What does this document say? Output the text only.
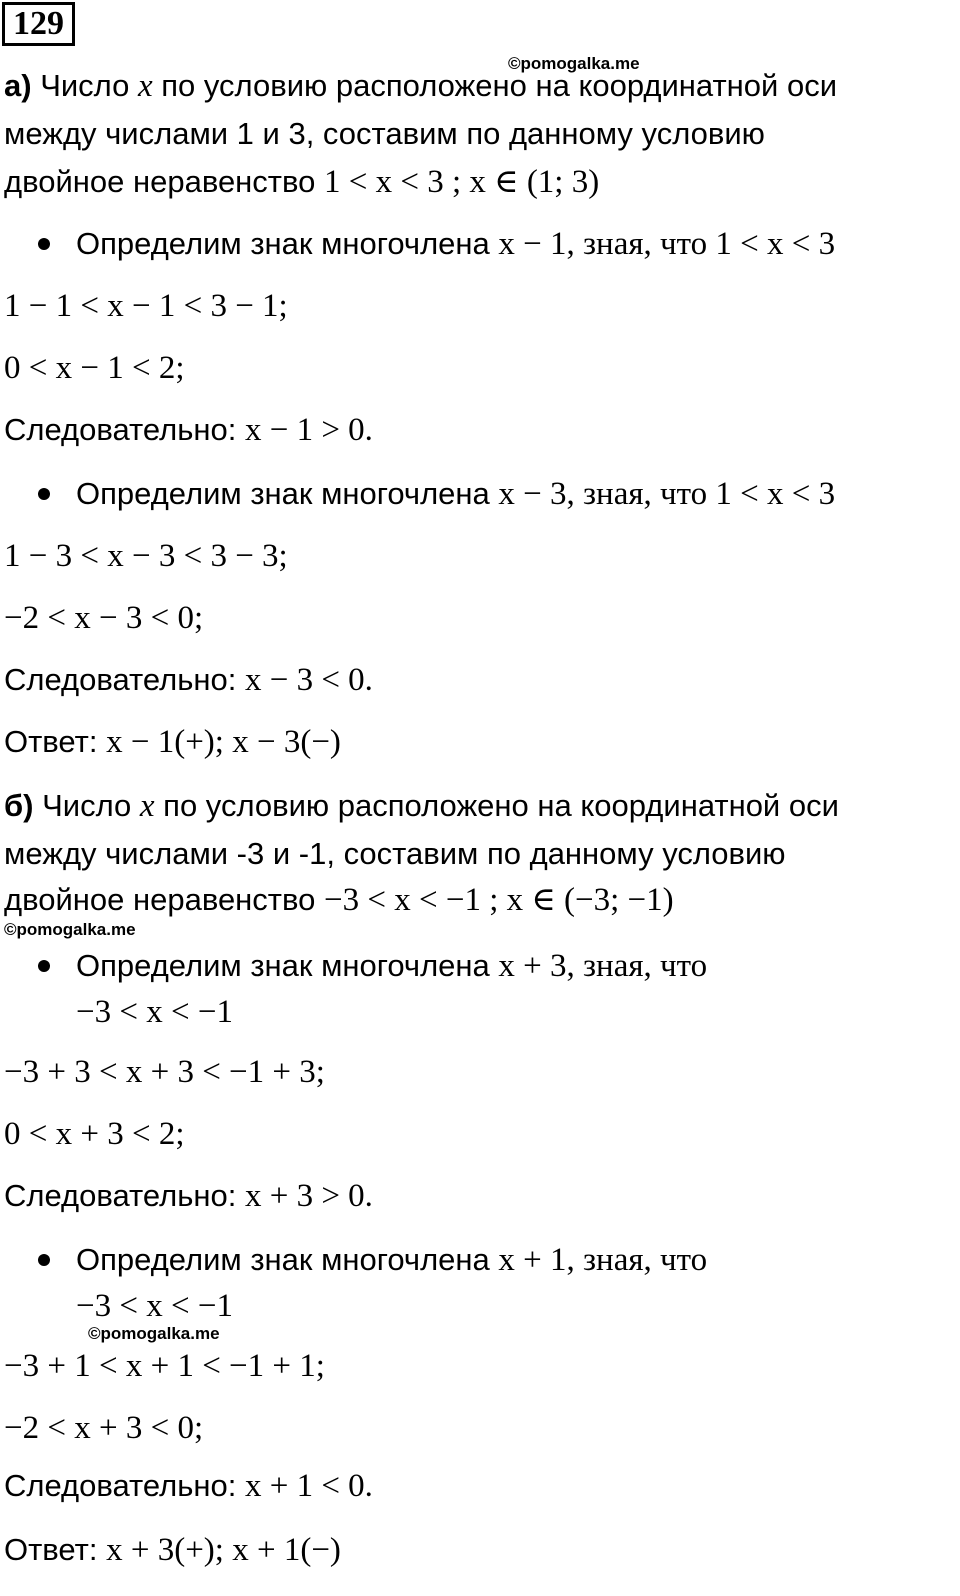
129
©pomogalka.me
а) Число x по условию расположено на координатной оси
между числами 1 и 3, составим по данному условию
двойное неравенство 1 < x < 3 ; x ∈ (1; 3)
Определим знак многочлена x − 1, зная, что 1 < x < 3
1 − 1 < x − 1 < 3 − 1;
0 < x − 1 < 2;
Следовательно: x − 1 > 0.
Определим знак многочлена x − 3, зная, что 1 < x < 3
1 − 3 < x − 3 < 3 − 3;
−2 < x − 3 < 0;
Следовательно: x − 3 < 0.
Ответ: x − 1(+); x − 3(−)
б) Число x по условию расположено на координатной оси
между числами -3 и -1, составим по данному условию
двойное неравенство −3 < x < −1 ; x ∈ (−3; −1)
©pomogalka.me
Определим знак многочлена x + 3, зная, что
−3 < x < −1
−3 + 3 < x + 3 < −1 + 3;
0 < x + 3 < 2;
Следовательно: x + 3 > 0.
Определим знак многочлена x + 1, зная, что
−3 < x < −1
©pomogalka.me
−3 + 1 < x + 1 < −1 + 1;
−2 < x + 3 < 0;
Следовательно: x + 1 < 0.
Ответ: x + 3(+); x + 1(−)
